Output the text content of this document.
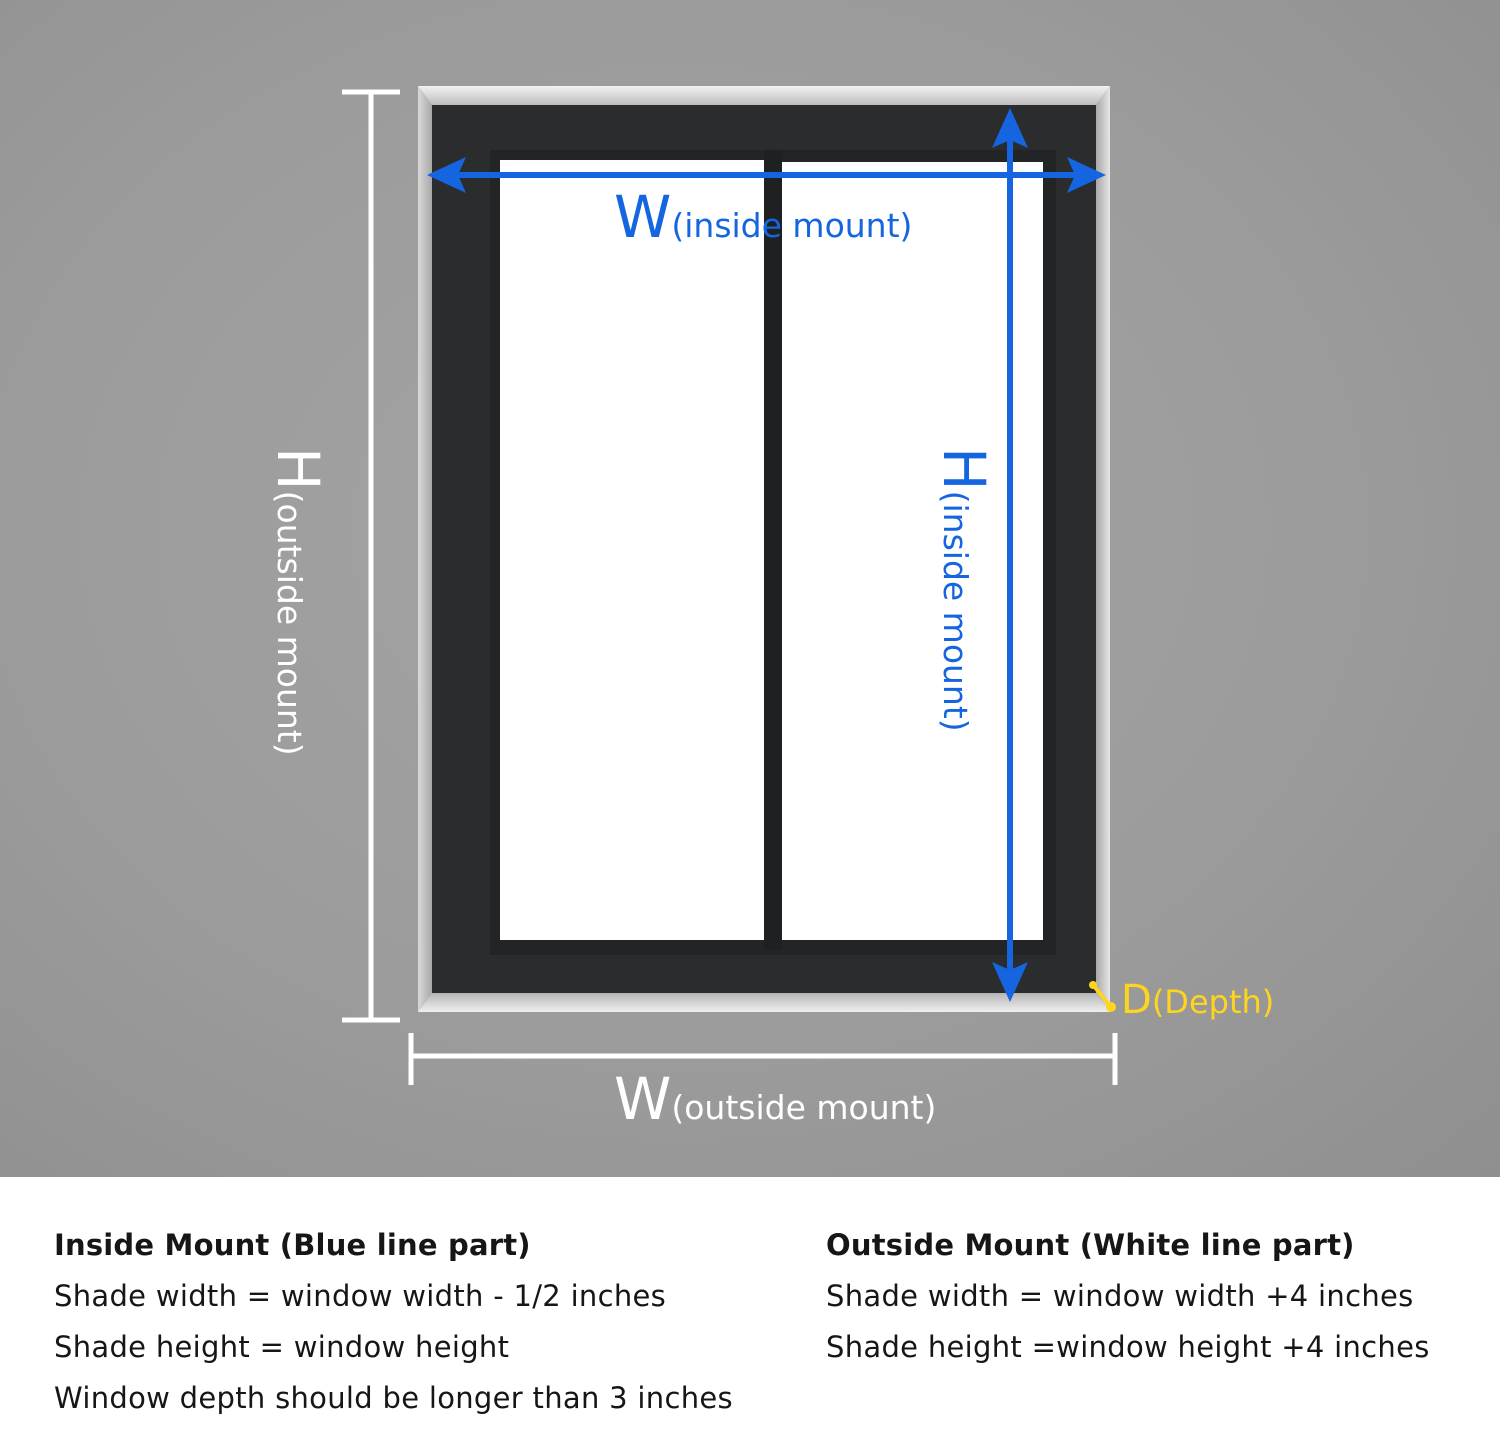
W(inside mount)
H(inside mount)
H(outside mount)
W(outside mount)
D(Depth)
Inside Mount (Blue line part)
Shade width = window width - 1/2 inches
Shade height = window height
Window depth should be longer than 3 inches
Outside Mount (White line part)
Shade width = window width +4 inches
Shade height =window height +4 inches
